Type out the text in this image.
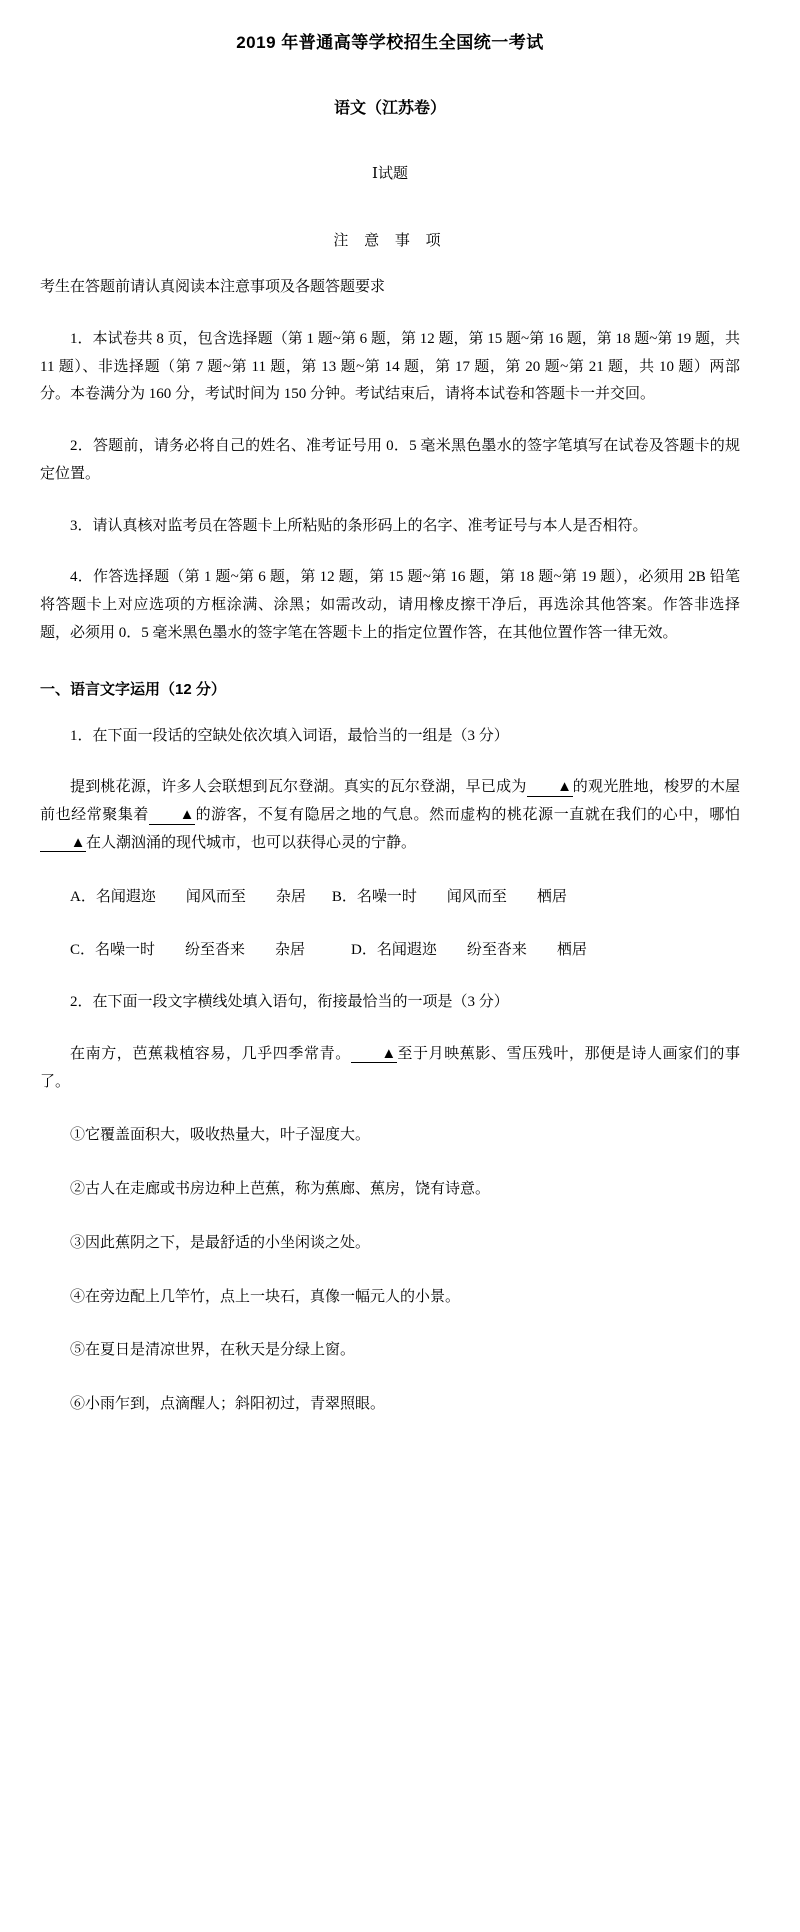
2019 年普通高等学校招生全国统一考试
语文（江苏卷）
Ⅰ试题
注 意 事 项

考生在答题前请认真阅读本注意事项及各题答题要求

1．本试卷共 8 页，包含选择题（第 1 题~第 6 题，第 12 题，第 15 题~第 16 题，第 18 题~第 19 题，共 11 题）、非选择题（第 7 题~第 11 题，第 13 题~第 14 题，第 17 题，第 20 题~第 21 题，共 10 题）两部分。本卷满分为 160 分，考试时间为 150 分钟。考试结束后，请将本试卷和答题卡一并交回。

2．答题前，请务必将自己的姓名、准考证号用 0．5 毫米黑色墨水的签字笔填写在试卷及答题卡的规定位置。

3．请认真核对监考员在答题卡上所粘贴的条形码上的名字、准考证号与本人是否相符。

4．作答选择题（第 1 题~第 6 题，第 12 题，第 15 题~第 16 题，第 18 题~第 19 题），必须用 2B 铅笔将答题卡上对应选项的方框涂满、涂黑；如需改动，请用橡皮擦干净后，再选涂其他答案。作答非选择题，必须用 0．5 毫米黑色墨水的签字笔在答题卡上的指定位置作答，在其他位置作答一律无效。

一、语言文字运用（12 分）

1．在下面一段话的空缺处依次填入词语，最恰当的一组是（3 分）

提到桃花源，许多人会联想到瓦尔登湖。真实的瓦尔登湖，早已成为 ▲的观光胜地，梭罗的木屋前也经常聚集着 ▲的游客，不复有隐居之地的气息。然而虚构的桃花源一直就在我们的心中，哪怕▲在人潮汹涌的现代城市，也可以获得心灵的宁静。

A．名闻遐迩　　闻风而至　　杂居 B．名噪一时　　闻风而至　　栖居

C．名噪一时　　纷至沓来　　杂居	D．名闻遐迩　　纷至沓来　　栖居

2．在下面一段文字横线处填入语句，衔接最恰当的一项是（3 分）

在南方，芭蕉栽植容易，几乎四季常青。 ▲至于月映蕉影、雪压残叶，那便是诗人画家们的事了。

①它覆盖面积大，吸收热量大，叶子湿度大。

②古人在走廊或书房边种上芭蕉，称为蕉廊、蕉房，饶有诗意。

③因此蕉阴之下，是最舒适的小坐闲谈之处。

④在旁边配上几竿竹，点上一块石，真像一幅元人的小景。

⑤在夏日是清凉世界，在秋天是分绿上窗。

⑥小雨乍到，点滴醒人；斜阳初过，青翠照眼。
